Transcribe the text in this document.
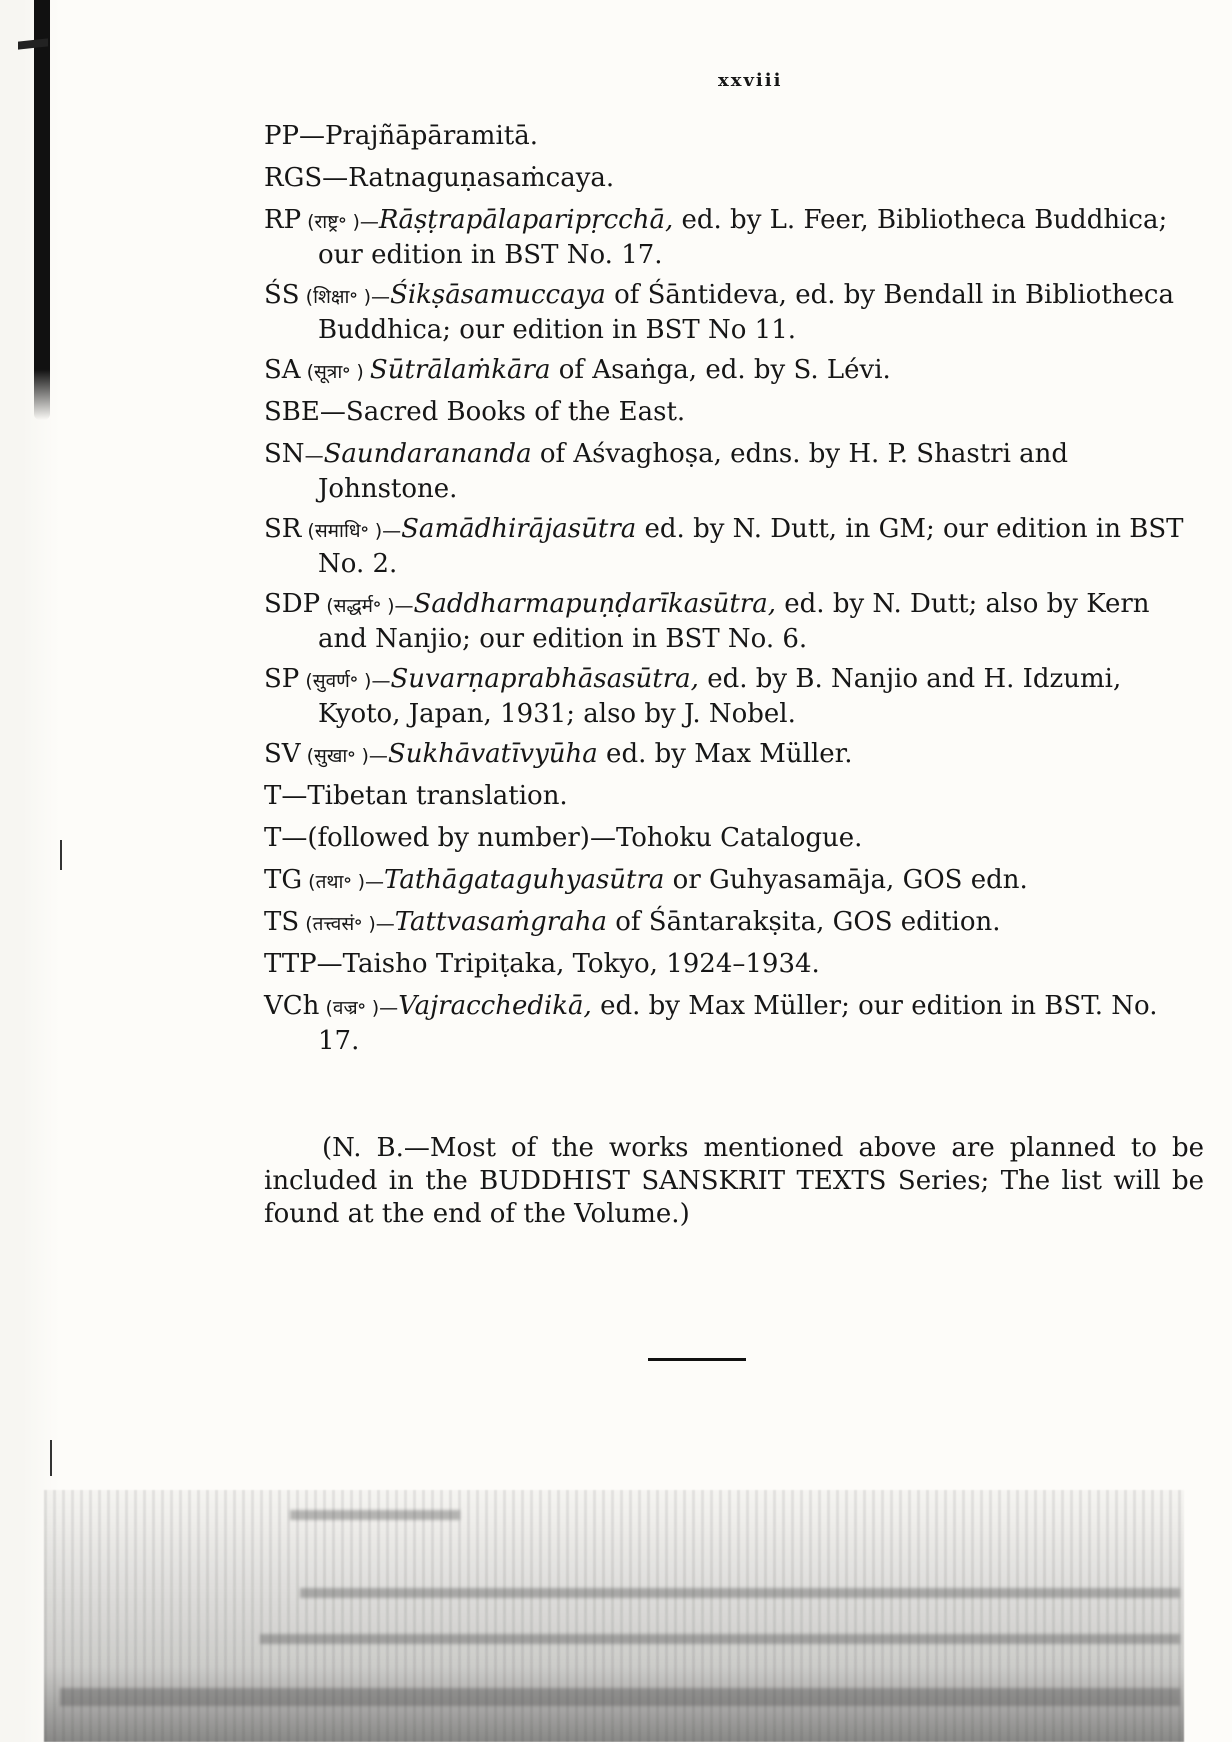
xxviii

PP—Prajñāpāramitā.

RGS—Ratnaguṇasaṁcaya.

RP (राष्ट्र॰ )—Rāṣṭrapālaparipṛcchā, ed. by L. Feer, Bibliotheca Buddhica; our edition in BST No. 17.

ŚS (शिक्षा॰ )—Śikṣāsamuccaya of Śāntideva, ed. by Bendall in Bibliotheca Buddhica; our edition in BST No 11.

SA (सूत्रा॰ ) Sūtrālaṁkāra of Asaṅga, ed. by S. Lévi.

SBE—Sacred Books of the East.

SN—Saundarananda of Aśvaghoṣa, edns. by H. P. Shastri and Johnstone.

SR (समाधि॰ )—Samādhirājasūtra ed. by N. Dutt, in GM; our edition in BST No. 2.

SDP (सद्धर्म॰ )—Saddharmapuṇḍarīkasūtra, ed. by N. Dutt; also by Kern and Nanjio; our edition in BST No. 6.

SP (सुवर्ण॰ )—Suvarṇaprabhāsasūtra, ed. by B. Nanjio and H. Idzumi, Kyoto, Japan, 1931; also by J. Nobel.

SV (सुखा॰ )—Sukhāvatīvyūha ed. by Max Müller.

T—Tibetan translation.

T—(followed by number)—Tohoku Catalogue.

TG (तथा॰ )—Tathāgataguhyasūtra or Guhyasamāja, GOS edn.

TS (तत्त्वसं॰ )—Tattvasaṁgraha of Śāntarakṣita, GOS edition.

TTP—Taisho Tripiṭaka, Tokyo, 1924–1934.

VCh (वज्र॰ )—Vajracchedikā, ed. by Max Müller; our edition in BST. No. 17.

(N. B.—Most of the works mentioned above are planned to be included in the BUDDHIST SANSKRIT TEXTS Series; The list will be found at the end of the Volume.)
